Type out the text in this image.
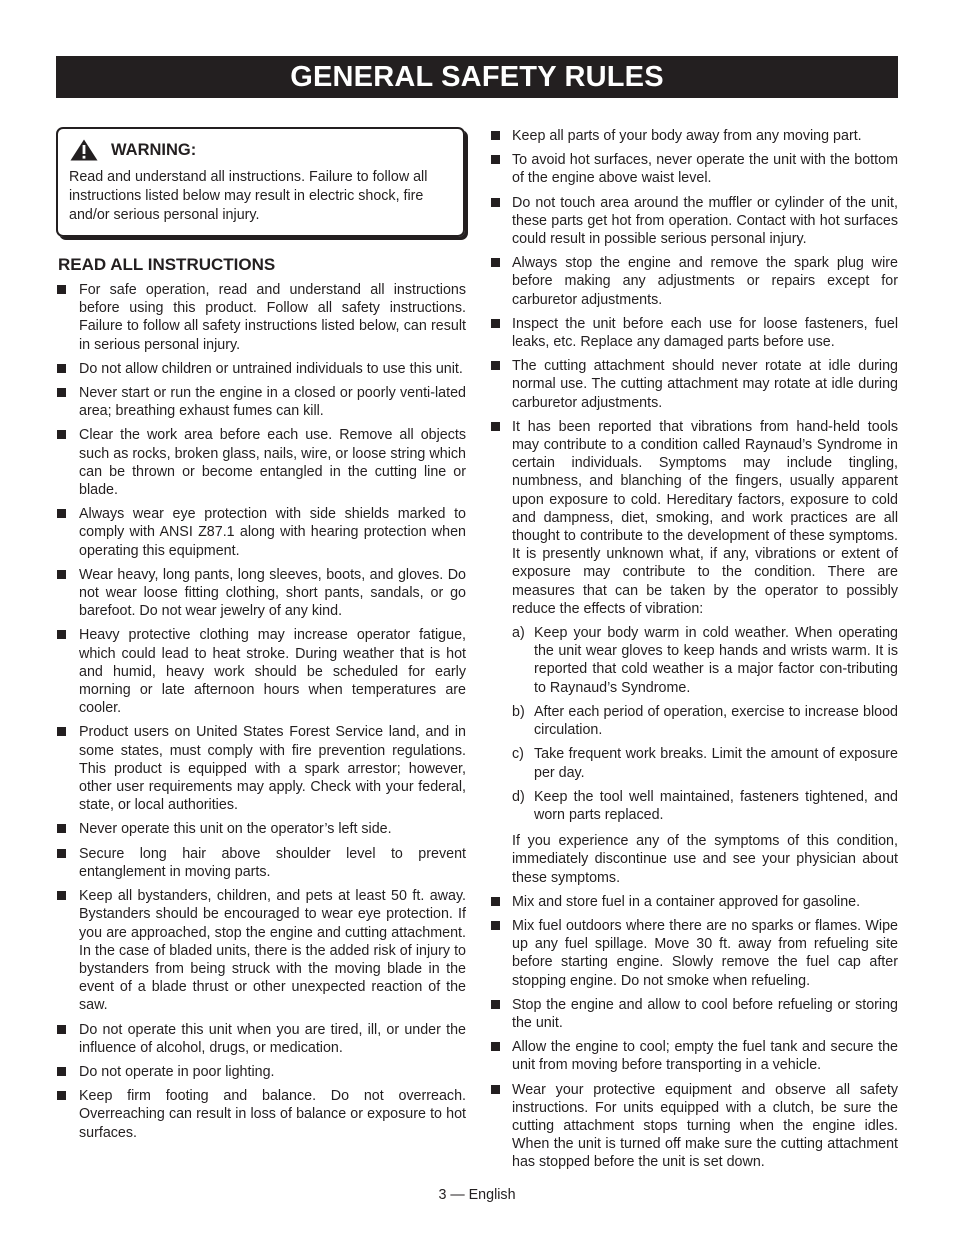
GENERAL SAFETY RULES
WARNING:
Read and understand all instructions. Failure to follow all instructions listed below may result in electric shock, fire and/or serious personal injury.
READ ALL INSTRUCTIONS
For safe operation, read and understand all instructions before using this product. Follow all safety instructions. Failure to follow all safety instructions listed below, can result in serious personal injury.
Do not allow children or untrained individuals to use this unit.
Never start or run the engine in a closed or poorly venti-lated area; breathing exhaust fumes can kill.
Clear the work area before each use. Remove all objects such as rocks, broken glass, nails, wire, or loose string which can be thrown or become entangled in the cutting line or blade.
Always wear eye protection with side shields marked to comply with ANSI Z87.1 along with hearing protection when operating this equipment.
Wear heavy, long pants, long sleeves, boots, and gloves. Do not wear loose fitting clothing, short pants, sandals, or go barefoot. Do not wear jewelry of any kind.
Heavy protective clothing may increase operator fatigue, which could lead to heat stroke. During weather that is hot and humid, heavy work should be scheduled for early morning or late afternoon hours when temperatures are cooler.
Product users on United States Forest Service land, and in some states, must comply with fire prevention regulations. This product is equipped with a spark arrestor; however, other user requirements may apply. Check with your federal, state, or local authorities.
Never operate this unit on the operator’s left side.
Secure long hair above shoulder level to prevent entanglement in moving parts.
Keep all bystanders, children, and pets at least 50 ft. away. Bystanders should be encouraged to wear eye protection. If you are approached, stop the engine and cutting attachment. In the case of bladed units, there is the added risk of injury to bystanders from being struck with the moving blade in the event of a blade thrust or other unexpected reaction of the saw.
Do not operate this unit when you are tired, ill, or under the influence of alcohol, drugs, or medication.
Do not operate in poor lighting.
Keep firm footing and balance. Do not overreach. Overreaching can result in loss of balance or exposure to hot surfaces.
Keep all parts of your body away from any moving part.
To avoid hot surfaces, never operate the unit with the bottom of the engine above waist level.
Do not touch area around the muffler or cylinder of the unit, these parts get hot from operation. Contact with hot surfaces could result in possible serious personal injury.
Always stop the engine and remove the spark plug wire before making any adjustments or repairs except for carburetor adjustments.
Inspect the unit before each use for loose fasteners, fuel leaks, etc. Replace any damaged parts before use.
The cutting attachment should never rotate at idle during normal use. The cutting attachment may rotate at idle during carburetor adjustments.
It has been reported that vibrations from hand-held tools may contribute to a condition called Raynaud’s Syndrome in certain individuals. Symptoms may include tingling, numbness, and blanching of the fingers, usually apparent upon exposure to cold. Hereditary factors, exposure to cold and dampness, diet, smoking, and work practices are all thought to contribute to the development of these symptoms. It is presently unknown what, if any, vibrations or extent of exposure may contribute to the condition. There are measures that can be taken by the operator to possibly reduce the effects of vibration:
a) Keep your body warm in cold weather. When operating the unit wear gloves to keep hands and wrists warm. It is reported that cold weather is a major factor con-tributing to Raynaud’s Syndrome.
b) After each period of operation, exercise to increase blood circulation.
c) Take frequent work breaks. Limit the amount of exposure per day.
d) Keep the tool well maintained, fasteners tightened, and worn parts replaced.
If you experience any of the symptoms of this condition, immediately discontinue use and see your physician about these symptoms.
Mix and store fuel in a container approved for gasoline.
Mix fuel outdoors where there are no sparks or flames. Wipe up any fuel spillage. Move 30 ft. away from refueling site before starting engine. Slowly remove the fuel cap after stopping engine. Do not smoke when refueling.
Stop the engine and allow to cool before refueling or storing the unit.
Allow the engine to cool; empty the fuel tank and secure the unit from moving before transporting in a vehicle.
Wear your protective equipment and observe all safety instructions. For units equipped with a clutch, be sure the cutting attachment stops turning when the engine idles. When the unit is turned off make sure the cutting attachment has stopped before the unit is set down.
3 — English
